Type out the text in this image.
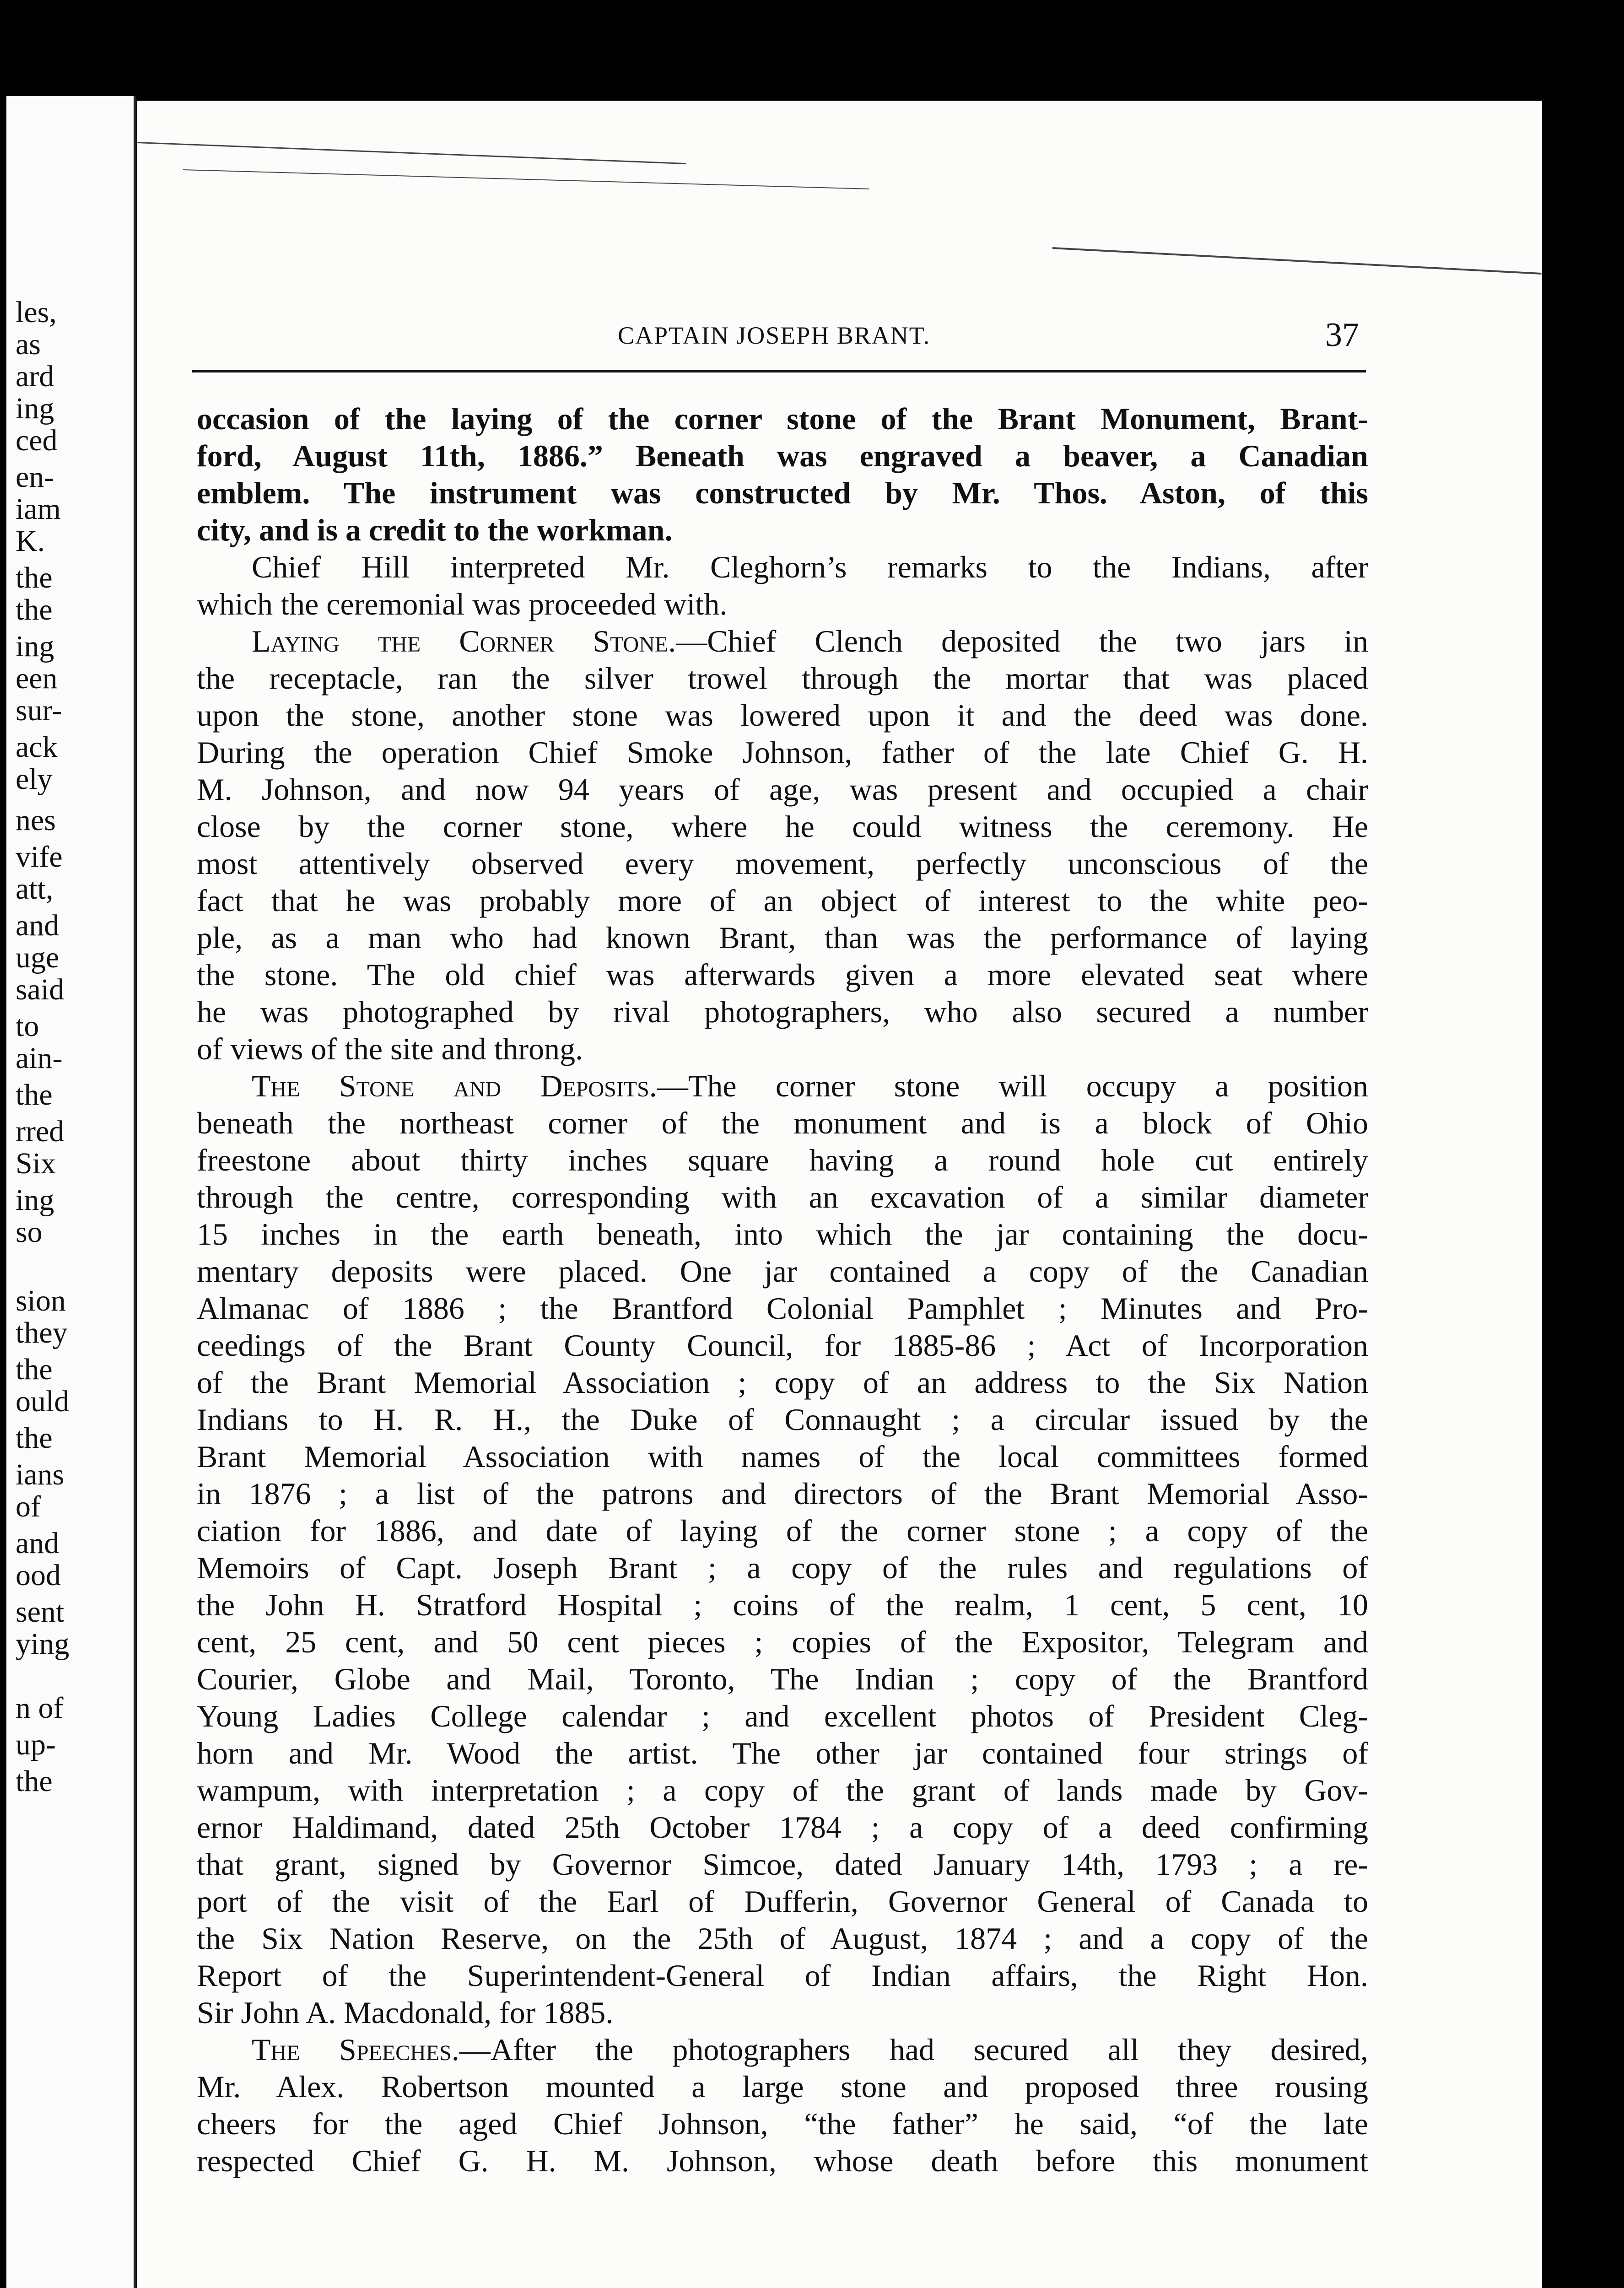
les,
as
ard
ing
ced
en-
iam
K.
the
the
ing
een
sur-
ack
ely
nes
vife
att,
and
uge
said
to
ain-
the
rred
Six
ing
so
sion
they
the
ould
the
ians
of
and
ood
sent
ying
n of
up-
the
CAPTAIN JOSEPH BRANT.	37
occasion of the laying of the corner stone of the Brant Monument, Brant-
ford, August 11th, 1886.” Beneath was engraved a beaver, a Canadian
emblem. The instrument was constructed by Mr. Thos. Aston, of this
city, and is a credit to the workman.
Chief Hill interpreted Mr. Cleghorn’s remarks to the Indians, after
which the ceremonial was proceeded with.
Laying the Corner Stone.—Chief Clench deposited the two jars in
the receptacle, ran the silver trowel through the mortar that was placed
upon the stone, another stone was lowered upon it and the deed was done.
During the operation Chief Smoke Johnson, father of the late Chief G. H.
M. Johnson, and now 94 years of age, was present and occupied a chair
close by the corner stone, where he could witness the ceremony. He
most attentively observed every movement, perfectly unconscious of the
fact that he was probably more of an object of interest to the white peo-
ple, as a man who had known Brant, than was the performance of laying
the stone. The old chief was afterwards given a more elevated seat where
he was photographed by rival photographers, who also secured a number
of views of the site and throng.
The Stone and Deposits.—The corner stone will occupy a position
beneath the northeast corner of the monument and is a block of Ohio
freestone about thirty inches square having a round hole cut entirely
through the centre, corresponding with an excavation of a similar diameter
15 inches in the earth beneath, into which the jar containing the docu-
mentary deposits were placed. One jar contained a copy of the Canadian
Almanac of 1886 ; the Brantford Colonial Pamphlet ; Minutes and Pro-
ceedings of the Brant County Council, for 1885-86 ; Act of Incorporation
of the Brant Memorial Association ; copy of an address to the Six Nation
Indians to H. R. H., the Duke of Connaught ; a circular issued by the
Brant Memorial Association with names of the local committees formed
in 1876 ; a list of the patrons and directors of the Brant Memorial Asso-
ciation for 1886, and date of laying of the corner stone ; a copy of the
Memoirs of Capt. Joseph Brant ; a copy of the rules and regulations of
the John H. Stratford Hospital ; coins of the realm, 1 cent, 5 cent, 10
cent, 25 cent, and 50 cent pieces ; copies of the Expositor, Telegram and
Courier, Globe and Mail, Toronto, The Indian ; copy of the Brantford
Young Ladies College calendar ; and excellent photos of President Cleg-
horn and Mr. Wood the artist. The other jar contained four strings of
wampum, with interpretation ; a copy of the grant of lands made by Gov-
ernor Haldimand, dated 25th October 1784 ; a copy of a deed confirming
that grant, signed by Governor Simcoe, dated January 14th, 1793 ; a re-
port of the visit of the Earl of Dufferin, Governor General of Canada to
the Six Nation Reserve, on the 25th of August, 1874 ; and a copy of the
Report of the Superintendent-General of Indian affairs, the Right Hon.
Sir John A. Macdonald, for 1885.
The Speeches.—After the photographers had secured all they desired,
Mr. Alex. Robertson mounted a large stone and proposed three rousing
cheers for the aged Chief Johnson, “the father” he said, “of the late
respected Chief G. H. M. Johnson, whose death before this monument
